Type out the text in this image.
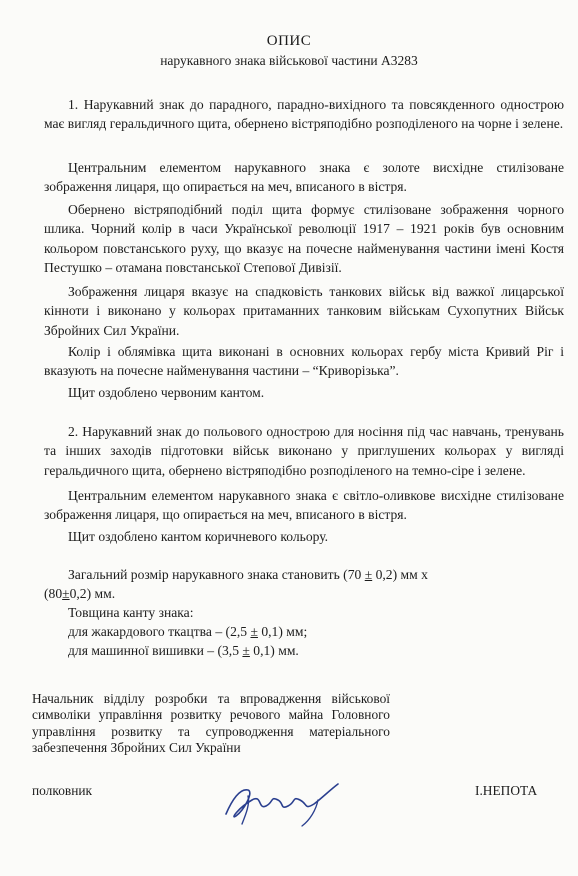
ОПИС
нарукавного знака військової частини А3283
1. Нарукавний знак до парадного, парадно-вихідного та повсякденного однострою має вигляд геральдичного щита, обернено вістряподібно розподіленого на чорне і зелене.
Центральним елементом нарукавного знака є золоте висхідне стилізоване зображення лицаря, що опирається на меч, вписаного в вістря.
Обернено вістряподібний поділ щита формує стилізоване зображення чорного шлика. Чорний колір в часи Української революції 1917 – 1921 років був основним кольором повстанського руху, що вказує на почесне найменування частини імені Костя Пестушко – отамана повстанської Степової Дивізії.
Зображення лицаря вказує на спадковість танкових військ від важкої лицарської кінноти і виконано у кольорах притаманних танковим військам Сухопутних Військ Збройних Сил України.
Колір і облямівка щита виконані в основних кольорах гербу міста Кривий Ріг і вказують на почесне найменування частини – “Криворізька”.
Щит оздоблено червоним кантом.
2. Нарукавний знак до польового однострою для носіння під час навчань, тренувань та інших заходів підготовки військ виконано у приглушених кольорах у вигляді геральдичного щита, обернено вістряподібно розподіленого на темно-сіре і зелене.
Центральним елементом нарукавного знака є світло-оливкове висхідне стилізоване зображення лицаря, що опирається на меч, вписаного в вістря.
Щит оздоблено кантом коричневого кольору.
Загальний розмір нарукавного знака становить (70 ± 0,2) мм х
(80±0,2) мм.
Товщина канту знака:
для жакардового ткацтва – (2,5 ± 0,1) мм;
для машинної вишивки – (3,5 ± 0,1) мм.
Начальник відділу розробки та впровадження військової символіки управління розвитку речового майна Головного управління розвитку та супроводження матеріального забезпечення Збройних Сил України
полковник	І.НЕПОТА
